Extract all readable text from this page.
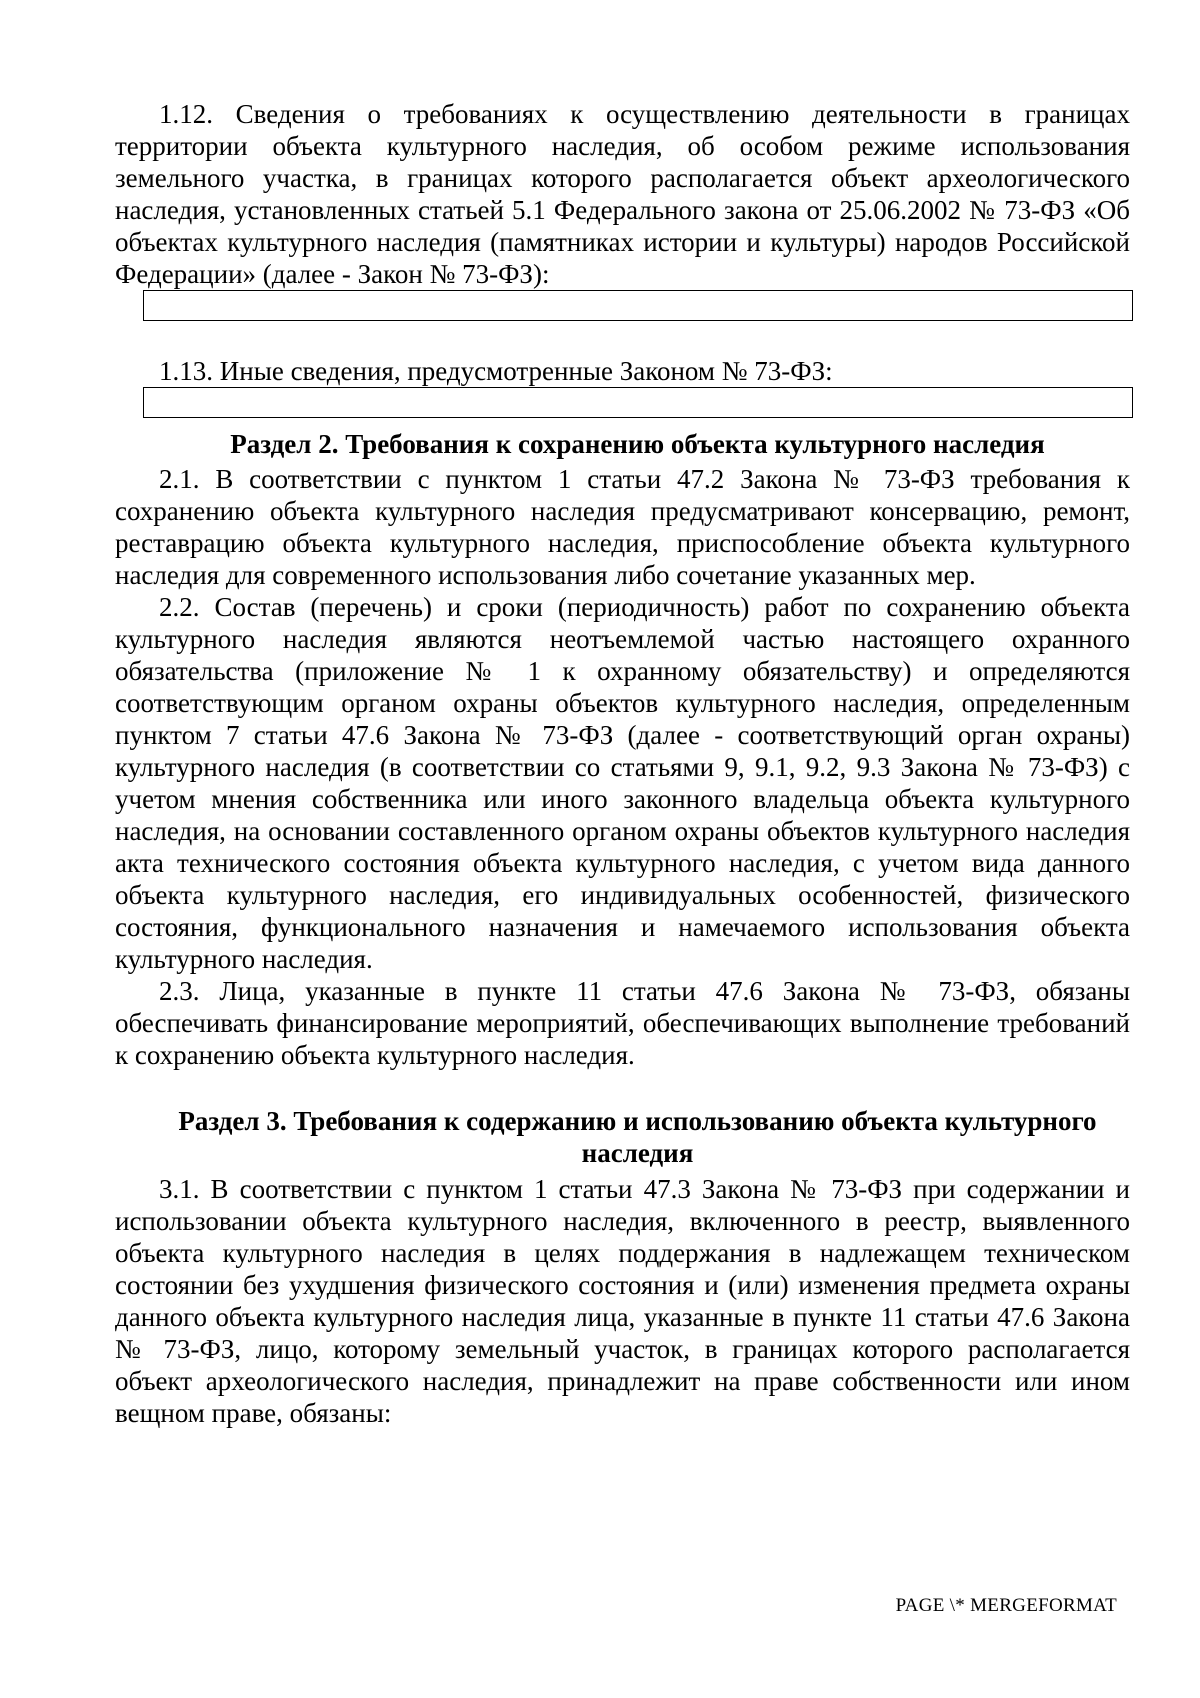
1.12. Сведения о требованиях к осуществлению деятельности в границах территории объекта культурного наследия, об особом режиме использования земельного участка, в границах которого располагается объект археологического наследия, установленных статьей 5.1 Федерального закона от 25.06.2002 № 73-ФЗ «Об объектах культурного наследия (памятниках истории и культуры) народов Российской Федерации» (далее - Закон № 73-ФЗ):

1.13. Иные сведения, предусмотренные Законом № 73-ФЗ:

Раздел 2. Требования к сохранению объекта культурного наследия

2.1. В соответствии с пунктом 1 статьи 47.2 Закона № 73-ФЗ требования к сохранению объекта культурного наследия предусматривают консервацию, ремонт, реставрацию объекта культурного наследия, приспособление объекта культурного наследия для современного использования либо сочетание указанных мер.

2.2. Состав (перечень) и сроки (периодичность) работ по сохранению объекта культурного наследия являются неотъемлемой частью настоящего охранного обязательства (приложение № 1 к охранному обязательству) и определяются соответствующим органом охраны объектов культурного наследия, определенным пунктом 7 статьи 47.6 Закона № 73-ФЗ (далее - соответствующий орган охраны) культурного наследия (в соответствии со статьями 9, 9.1, 9.2, 9.3 Закона № 73-ФЗ) с учетом мнения собственника или иного законного владельца объекта культурного наследия, на основании составленного органом охраны объектов культурного наследия акта технического состояния объекта культурного наследия, с учетом вида данного объекта культурного наследия, его индивидуальных особенностей, физического состояния, функционального назначения и намечаемого использования объекта культурного наследия.

2.3. Лица, указанные в пункте 11 статьи 47.6 Закона № 73-ФЗ, обязаны обеспечивать финансирование мероприятий, обеспечивающих выполнение требований к сохранению объекта культурного наследия.

Раздел 3. Требования к содержанию и использованию объекта культурного
наследия

3.1. В соответствии с пунктом 1 статьи 47.3 Закона № 73-ФЗ при содержании и использовании объекта культурного наследия, включенного в реестр, выявленного объекта культурного наследия в целях поддержания в надлежащем техническом состоянии без ухудшения физического состояния и (или) изменения предмета охраны данного объекта культурного наследия лица, указанные в пункте 11 статьи 47.6 Закона № 73-ФЗ, лицо, которому земельный участок, в границах которого располагается объект археологического наследия, принадлежит на праве собственности или ином вещном праве, обязаны:

PAGE \* MERGEFORMAT
